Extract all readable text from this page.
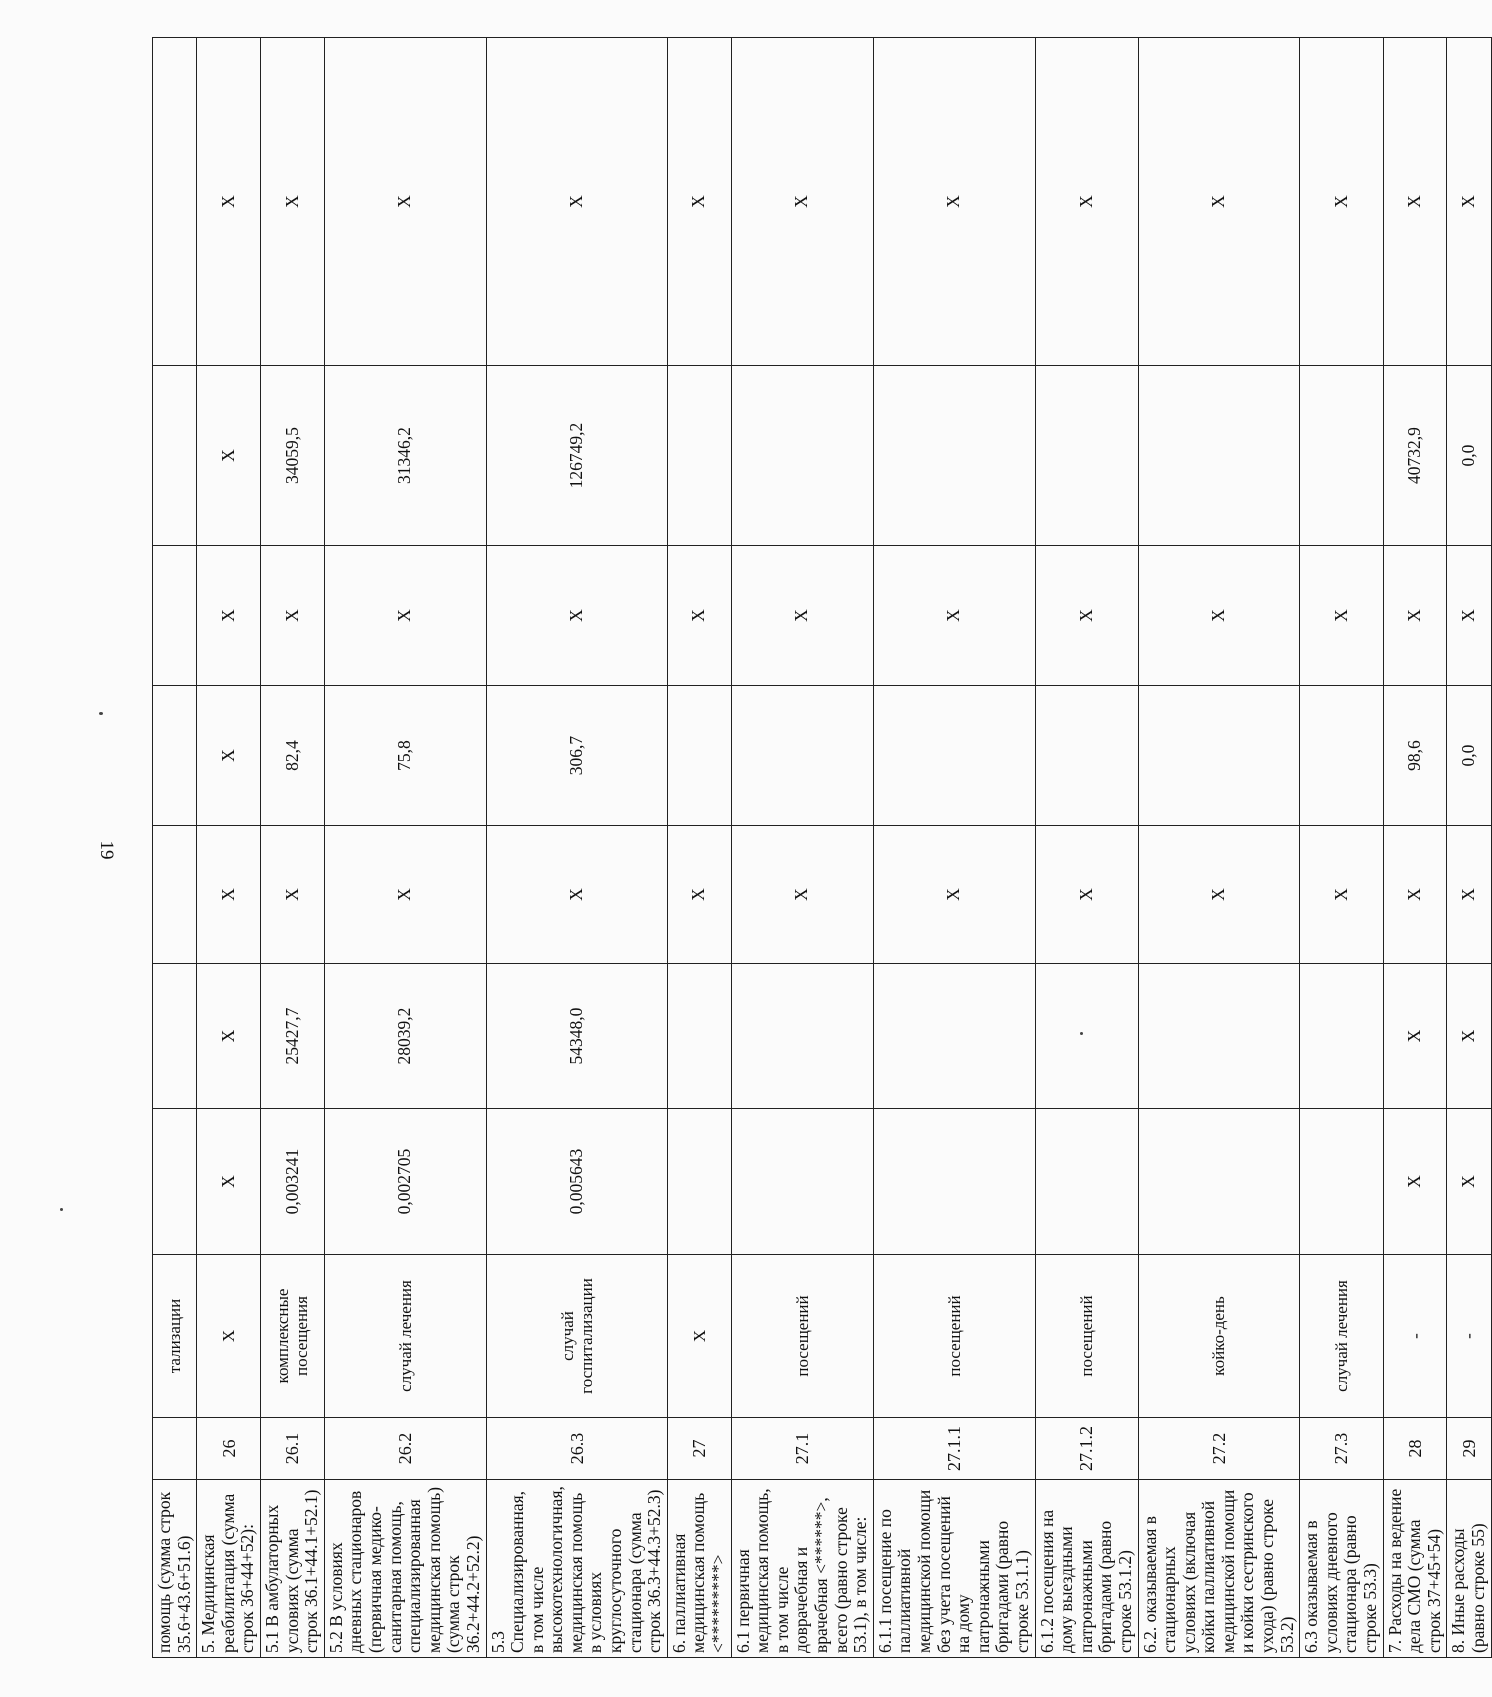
19
помощь (сумма строк 35.6+43.6+51.6)		тализации							
5. Медицинская реабилитация (сумма строк 36+44+52):	26	Х	Х	Х	Х	Х	Х	Х	Х
5.1 В амбулаторных условиях (сумма строк 36.1+44.1+52.1)	26.1	комплексные посещения	0,003241	25427,7	Х	82,4	Х	34059,5	Х
5.2 В условиях дневных стационаров (первичная медико-санитарная помощь, специализированная медицинская помощь) (сумма строк 36.2+44.2+52.2)	26.2	случай лечения	0,002705	28039,2	Х	75,8	Х	31346,2	Х
5.3 Специализированная, в том числе высокотехнологичная, медицинская помощь в условиях круглосуточного стационара (сумма строк 36.3+44.3+52.3)	26.3	случай госпитализации	0,005643	54348,0	Х	306,7	Х	126749,2	Х
6. паллиативная медицинская помощь <*********>	27	Х			Х		Х		Х
6.1 первичная медицинская помощь, в том числе доврачебная и врачебная <******>, всего (равно строке 53.1), в том числе:	27.1	посещений			Х		Х		Х
6.1.1 посещение по паллиативной медицинской помощи без учета посещений на дому патронажными бригадами (равно строке 53.1.1)	27.1.1	посещений			Х		Х		Х
6.1.2 посещения на дому выездными патронажными бригадами (равно строке 53.1.2)	27.1.2	посещений			Х		Х		Х
6.2. оказываемая в стационарных условиях (включая койки паллиативной медицинской помощи и койки сестринского ухода) (равно строке 53.2)	27.2	койко-день			Х		Х		Х
6.3 оказываемая в условиях дневного стационара (равно строке 53.3)	27.3	случай лечения			Х		Х		Х
7. Расходы на ведение дела СМО (сумма строк 37+45+54)	28	-	Х	Х	Х	98,6	Х	40732,9	Х
8. Иные расходы (равно строке 55)	29	-	Х	Х	Х	0,0	Х	0,0	Х
